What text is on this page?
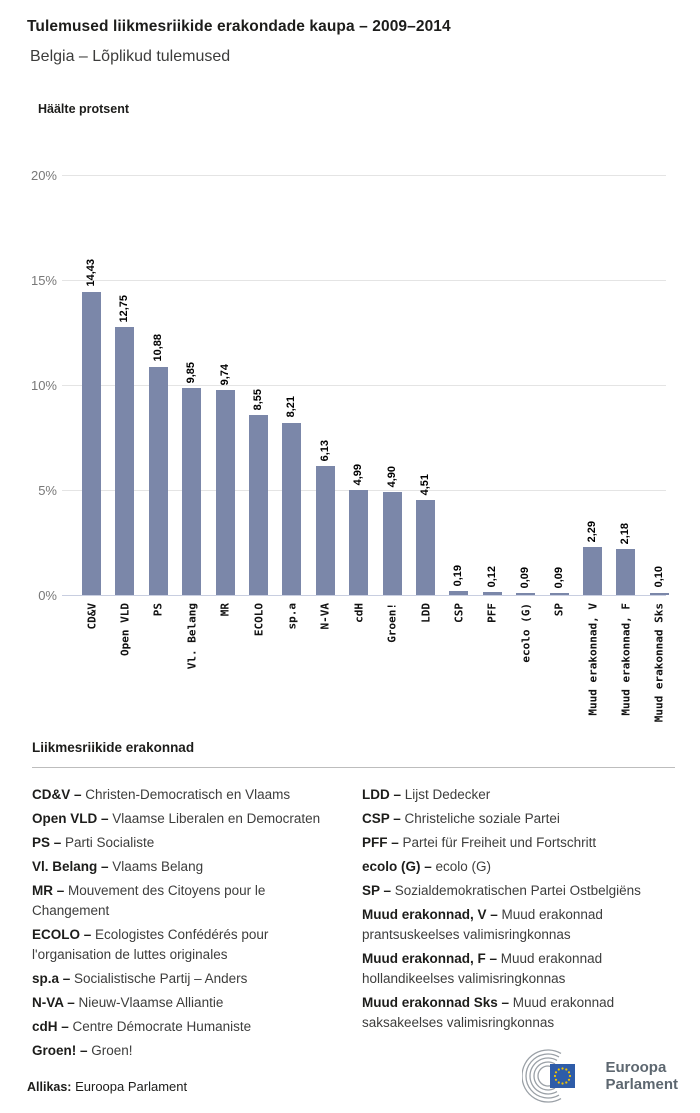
Tulemused liikmesriikide erakondade kaupa – 2009–2014
Belgia – Lõplikud tulemused
Häälte protsent
20%
15%
10%
5%
0%
14,43
12,75
10,88
9,85 9,74
8,55 8,21
6,13
4,99 4,90 4,51
0,19 0,12 0,09 0,09
2,29 2,18
0,10
CD&V Open VLD PS Vl. Belang MR ECOLO sp.a N-VA cdH Groen! LDD CSP PFF ecolo (G) SP Muud erakonnad, V Muud erakonnad, F Muud erakonnad Sks
Liikmesriikide erakonnad
CD&V – Christen-Democratisch en Vlaams
Open VLD – Vlaamse Liberalen en Democraten
PS – Parti Socialiste
Vl. Belang – Vlaams Belang
MR – Mouvement des Citoyens pour le Changement
ECOLO – Ecologistes Confédérés pour l'organisation de luttes originales
sp.a – Socialistische Partij – Anders
N-VA – Nieuw-Vlaamse Alliantie
cdH – Centre Démocrate Humaniste
Groen! – Groen!
LDD – Lijst Dedecker
CSP – Christeliche soziale Partei
PFF – Partei für Freiheit und Fortschritt
ecolo (G) – ecolo (G)
SP – Sozialdemokratischen Partei Ostbelgiëns
Muud erakonnad, V – Muud erakonnad prantsuskeelses valimisringkonnas
Muud erakonnad, F – Muud erakonnad hollandikeelses valimisringkonnas
Muud erakonnad Sks – Muud erakonnad saksakeelses valimisringkonnas
Allikas: Euroopa Parlament
Euroopa
Parlament
